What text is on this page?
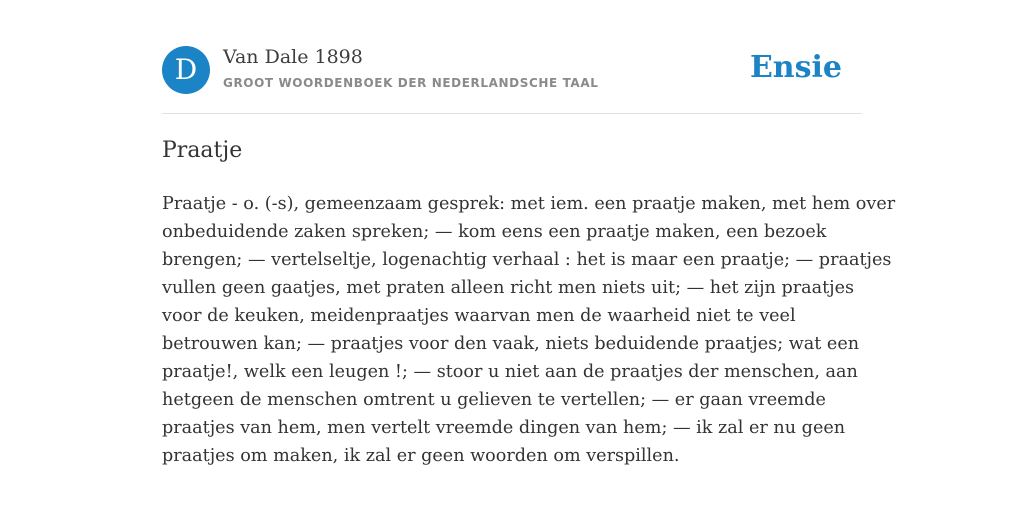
D	Van Dale 1898
GROOT WOORDENBOEK DER NEDERLANDSCHE TAAL	Ensie
Praatje

Praatje - o. (-s), gemeenzaam gesprek: met iem. een praatje maken, met hem over
onbeduidende zaken spreken; — kom eens een praatje maken, een bezoek
brengen; — vertelseltje, logenachtig verhaal : het is maar een praatje; — praatjes
vullen geen gaatjes, met praten alleen richt men niets uit; — het zijn praatjes
voor de keuken, meidenpraatjes waarvan men de waarheid niet te veel
betrouwen kan; — praatjes voor den vaak, niets beduidende praatjes; wat een
praatje!, welk een leugen !; — stoor u niet aan de praatjes der menschen, aan
hetgeen de menschen omtrent u gelieven te vertellen; — er gaan vreemde
praatjes van hem, men vertelt vreemde dingen van hem; — ik zal er nu geen
praatjes om maken, ik zal er geen woorden om verspillen.
